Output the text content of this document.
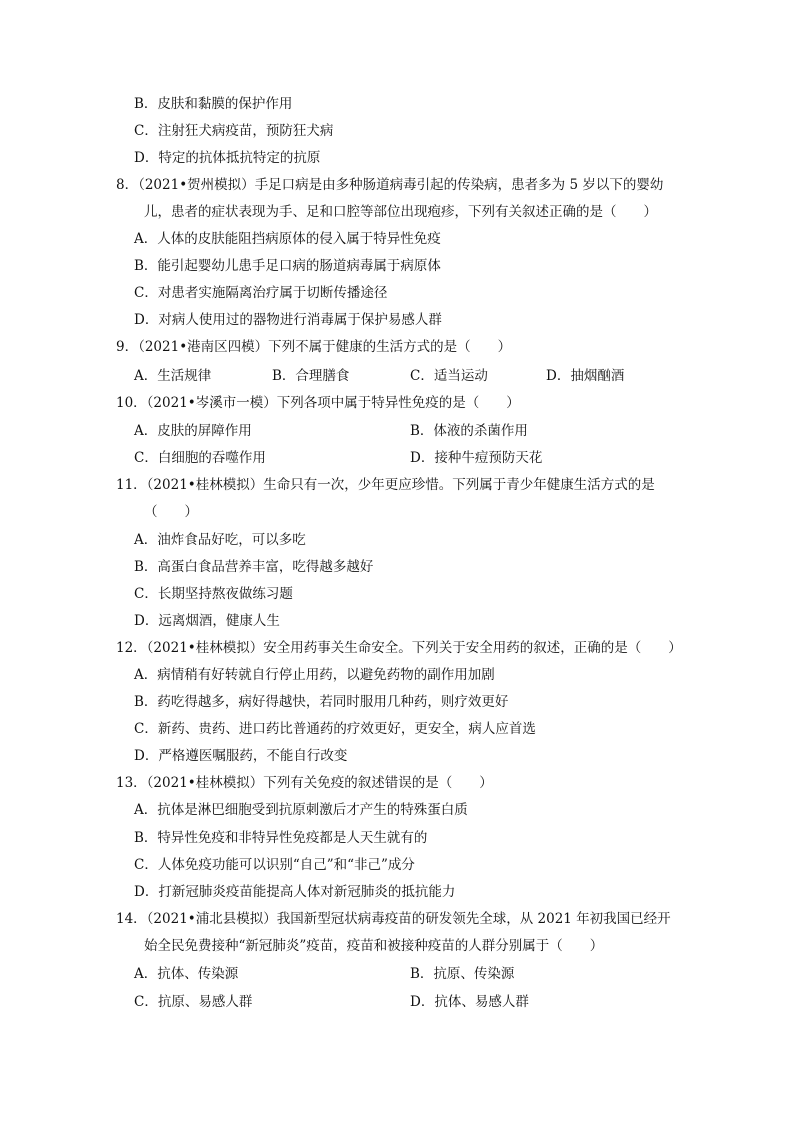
B．皮肤和黏膜的保护作用
C．注射狂犬病疫苗，预防狂犬病
D．特定的抗体抵抗特定的抗原
8．（2021•贺州模拟）手足口病是由多种肠道病毒引起的传染病，患者多为 5 岁以下的婴幼
儿，患者的症状表现为手、足和口腔等部位出现疱疹，下列有关叙述正确的是（　　）
A．人体的皮肤能阻挡病原体的侵入属于特异性免疫
B．能引起婴幼儿患手足口病的肠道病毒属于病原体
C．对患者实施隔离治疗属于切断传播途径
D．对病人使用过的器物进行消毒属于保护易感人群
9．（2021•港南区四模）下列不属于健康的生活方式的是（　　）
A．生活规律	B．合理膳食	C．适当运动	D．抽烟酗酒
10．（2021•岑溪市一模）下列各项中属于特异性免疫的是（　　）
A．皮肤的屏障作用	B．体液的杀菌作用
C．白细胞的吞噬作用	D．接种牛痘预防天花
11．（2021•桂林模拟）生命只有一次，少年更应珍惜。下列属于青少年健康生活方式的是
（　　）
A．油炸食品好吃，可以多吃
B．高蛋白食品营养丰富，吃得越多越好
C．长期坚持熬夜做练习题
D．远离烟酒，健康人生
12．（2021•桂林模拟）安全用药事关生命安全。下列关于安全用药的叙述，正确的是（　　）
A．病情稍有好转就自行停止用药，以避免药物的副作用加剧
B．药吃得越多，病好得越快，若同时服用几种药，则疗效更好
C．新药、贵药、进口药比普通药的疗效更好，更安全，病人应首选
D．严格遵医嘱服药，不能自行改变
13．（2021•桂林模拟）下列有关免疫的叙述错误的是（　　）
A．抗体是淋巴细胞受到抗原刺激后才产生的特殊蛋白质
B．特异性免疫和非特异性免疫都是人天生就有的
C．人体免疫功能可以识别“自己”和“非己”成分
D．打新冠肺炎疫苗能提高人体对新冠肺炎的抵抗能力
14．（2021•浦北县模拟）我国新型冠状病毒疫苗的研发领先全球，从 2021 年初我国已经开
始全民免费接种“新冠肺炎”疫苗，疫苗和被接种疫苗的人群分别属于（　　）
A．抗体、传染源	B．抗原、传染源
C．抗原、易感人群	D．抗体、易感人群
